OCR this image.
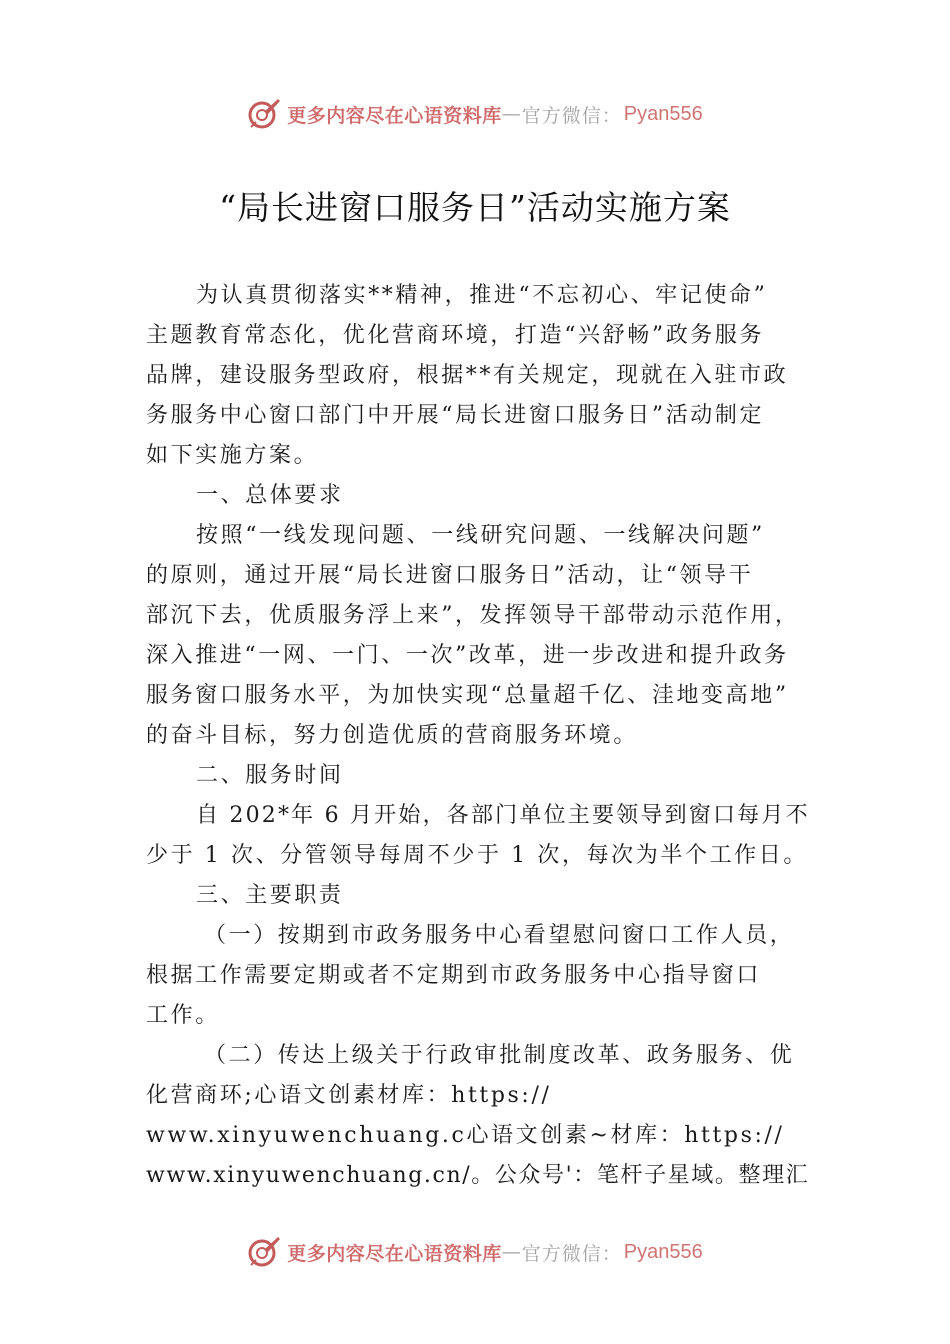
更多内容尽在心语资料库 — 官方微信： Pyan556
“局长进窗口服务日”活动实施方案
为认真贯彻落实**精神，推进“不忘初心、牢记使命”
主题教育常态化，优化营商环境，打造“兴舒畅”政务服务
品牌，建设服务型政府，根据**有关规定，现就在入驻市政
务服务中心窗口部门中开展“局长进窗口服务日”活动制定
如下实施方案。
一、总体要求
按照“一线发现问题、一线研究问题、一线解决问题”
的原则，通过开展“局长进窗口服务日”活动，让“领导干
部沉下去，优质服务浮上来”，发挥领导干部带动示范作用，
深入推进“一网、一门、一次”改革，进一步改进和提升政务
服务窗口服务水平，为加快实现“总量超千亿、洼地变高地”
的奋斗目标，努力创造优质的营商服务环境。
二、服务时间
自 202*年 6 月开始，各部门单位主要领导到窗口每月不
少于 1 次、分管领导每周不少于 1 次，每次为半个工作日。
三、主要职责
（一）按期到市政务服务中心看望慰问窗口工作人员，
根据工作需要定期或者不定期到市政务服务中心指导窗口
工作。
（二）传达上级关于行政审批制度改革、政务服务、优
化营商环;心语文创素材库：https://
www.xinyuwenchuang.c心语文创素~材库：https://
www.xinyuwenchuang.cn/。公众号'：笔杆子星域。整理汇
更多内容尽在心语资料库 — 官方微信： Pyan556
